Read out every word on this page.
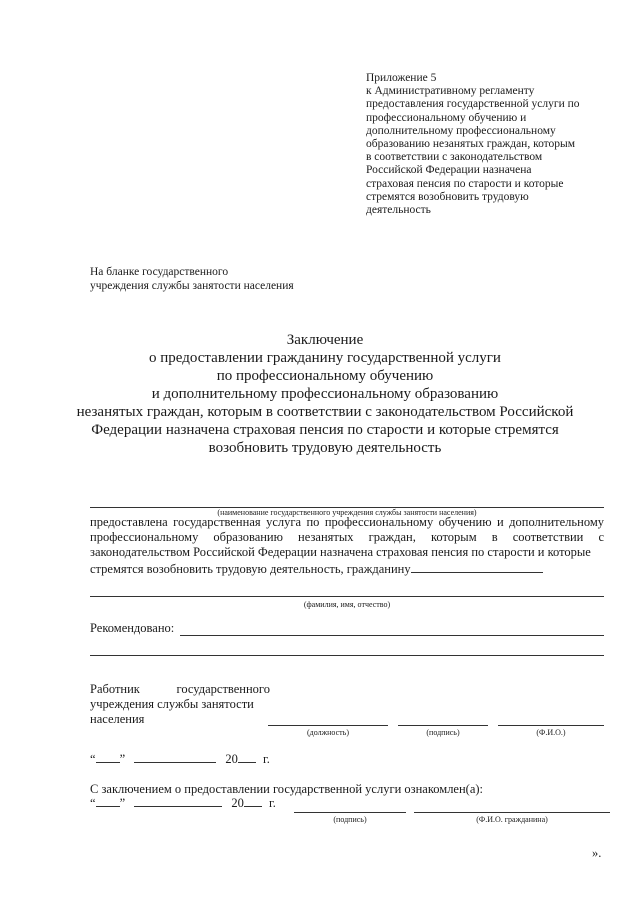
Приложение 5
к Административному регламенту
предоставления государственной услуги по
профессиональному обучению и
дополнительному профессиональному
образованию незанятых граждан, которым
в соответствии с законодательством
Российской Федерации назначена
страховая пенсия по старости и которые
стремятся возобновить трудовую
деятельность
На бланке государственного
учреждения службы занятости населения
Заключение
о предоставлении гражданину государственной услуги
по профессиональному обучению
и дополнительному профессиональному образованию
незанятых граждан, которым в соответствии с законодательством Российской
Федерации назначена страховая пенсия по старости и которые стремятся
возобновить трудовую деятельность
(наименование государственного учреждения службы занятости населения)
предоставлена государственная услуга по профессиональному обучению и дополнительному профессиональному образованию незанятых граждан, которым в соответствии с законодательством Российской Федерации назначена страховая пенсия по старости и которые
стремятся возобновить трудовую деятельность, гражданину
(фамилия, имя, отчество)
Рекомендовано:
Работник	государственного
учреждения службы занятости населения
(должность)	(подпись)	(Ф.И.О.)
“ ”	20 г.
С заключением о предоставлении государственной услуги ознакомлен(а):
“ ”	20 г.
(подпись)	(Ф.И.О. гражданина)
».
